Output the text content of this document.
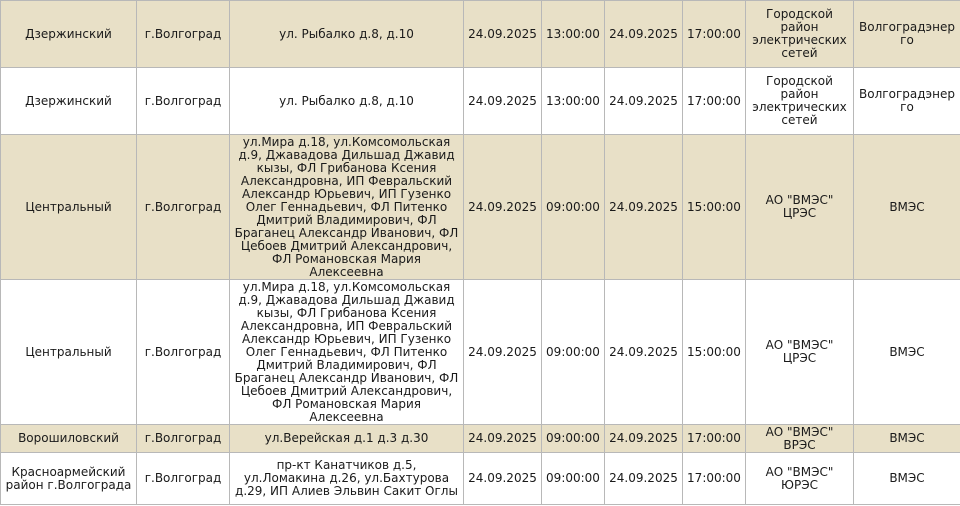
Дзержинский	г.Волгоград	ул. Рыбалко д.8, д.10	24.09.2025	13:00:00	24.09.2025	17:00:00	Городской район электрических сетей	Волгоградэнерго
Дзержинский	г.Волгоград	ул. Рыбалко д.8, д.10	24.09.2025	13:00:00	24.09.2025	17:00:00	Городской район электрических сетей	Волгоградэнерго
Центральный	г.Волгоград	ул.Мира д.18, ул.Комсомольская д.9, Джавадова Дильшад Джавид кызы, ФЛ Грибанова Ксения Александровна, ИП Февральский Александр Юрьевич, ИП Гузенко Олег Геннадьевич, ФЛ Питенко Дмитрий Владимирович, ФЛ Браганец Александр Иванович, ФЛ Цебоев Дмитрий Александрович, ФЛ Романовская Мария Алексеевна	24.09.2025	09:00:00	24.09.2025	15:00:00	АО "ВМЭС" ЦРЭС	ВМЭС
Центральный	г.Волгоград	ул.Мира д.18, ул.Комсомольская д.9, Джавадова Дильшад Джавид кызы, ФЛ Грибанова Ксения Александровна, ИП Февральский Александр Юрьевич, ИП Гузенко Олег Геннадьевич, ФЛ Питенко Дмитрий Владимирович, ФЛ Браганец Александр Иванович, ФЛ Цебоев Дмитрий Александрович, ФЛ Романовская Мария Алексеевна	24.09.2025	09:00:00	24.09.2025	15:00:00	АО "ВМЭС" ЦРЭС	ВМЭС
Ворошиловский	г.Волгоград	ул.Верейская д.1 д.3 д.30	24.09.2025	09:00:00	24.09.2025	17:00:00	АО "ВМЭС" ВРЭС	ВМЭС
Красноармейский район г.Волгограда	г.Волгоград	пр-кт Канатчиков д.5, ул.Ломакина д.26, ул.Бахтурова д.29, ИП Алиев Эльвин Сакит Оглы	24.09.2025	09:00:00	24.09.2025	17:00:00	АО "ВМЭС" ЮРЭС	ВМЭС
